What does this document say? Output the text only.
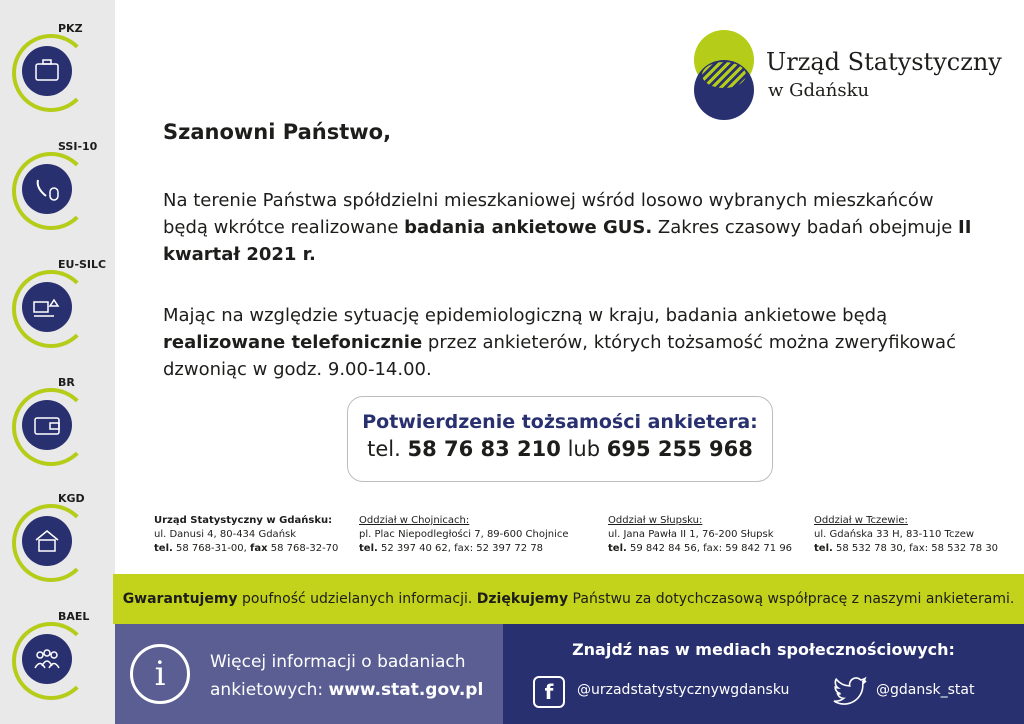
PKZ
SSI-10
EU-SILC
BR
KGD
BAEL
Urząd Statystyczny
w Gdańsku
Szanowni Państwo,
Na terenie Państwa spółdzielni mieszkaniowej wśród losowo wybranych mieszkańców będą wkrótce realizowane badania ankietowe GUS. Zakres czasowy badań obejmuje II kwartał 2021 r.
Mając na względzie sytuację epidemiologiczną w kraju, badania ankietowe będą realizowane telefonicznie przez ankieterów, których tożsamość można zweryfikować dzwoniąc w godz. 9.00-14.00.
Potwierdzenie tożsamości ankietera:
tel. 58 76 83 210 lub 695 255 968
Urząd Statystyczny w Gdańsku:
ul. Danusi 4, 80-434 Gdańsk
tel. 58 768-31-00, fax 58 768-32-70
Oddział w Chojnicach:
pl. Plac Niepodległości 7, 89-600 Chojnice
tel. 52 397 40 62, fax: 52 397 72 78
Oddział w Słupsku:
ul. Jana Pawła II 1, 76-200 Słupsk
tel. 59 842 84 56, fax: 59 842 71 96
Oddział w Tczewie:
ul. Gdańska 33 H, 83-110 Tczew
tel. 58 532 78 30, fax: 58 532 78 30
Gwarantujemy poufność udzielanych informacji. Dziękujemy Państwu za dotychczasową współpracę z naszymi ankieterami.
i	Więcej informacji o badaniach ankietowych: www.stat.gov.pl
Znajdź nas w mediach społecznościowych:
f	@urzadstatystycznywgdansku	@gdansk_stat
